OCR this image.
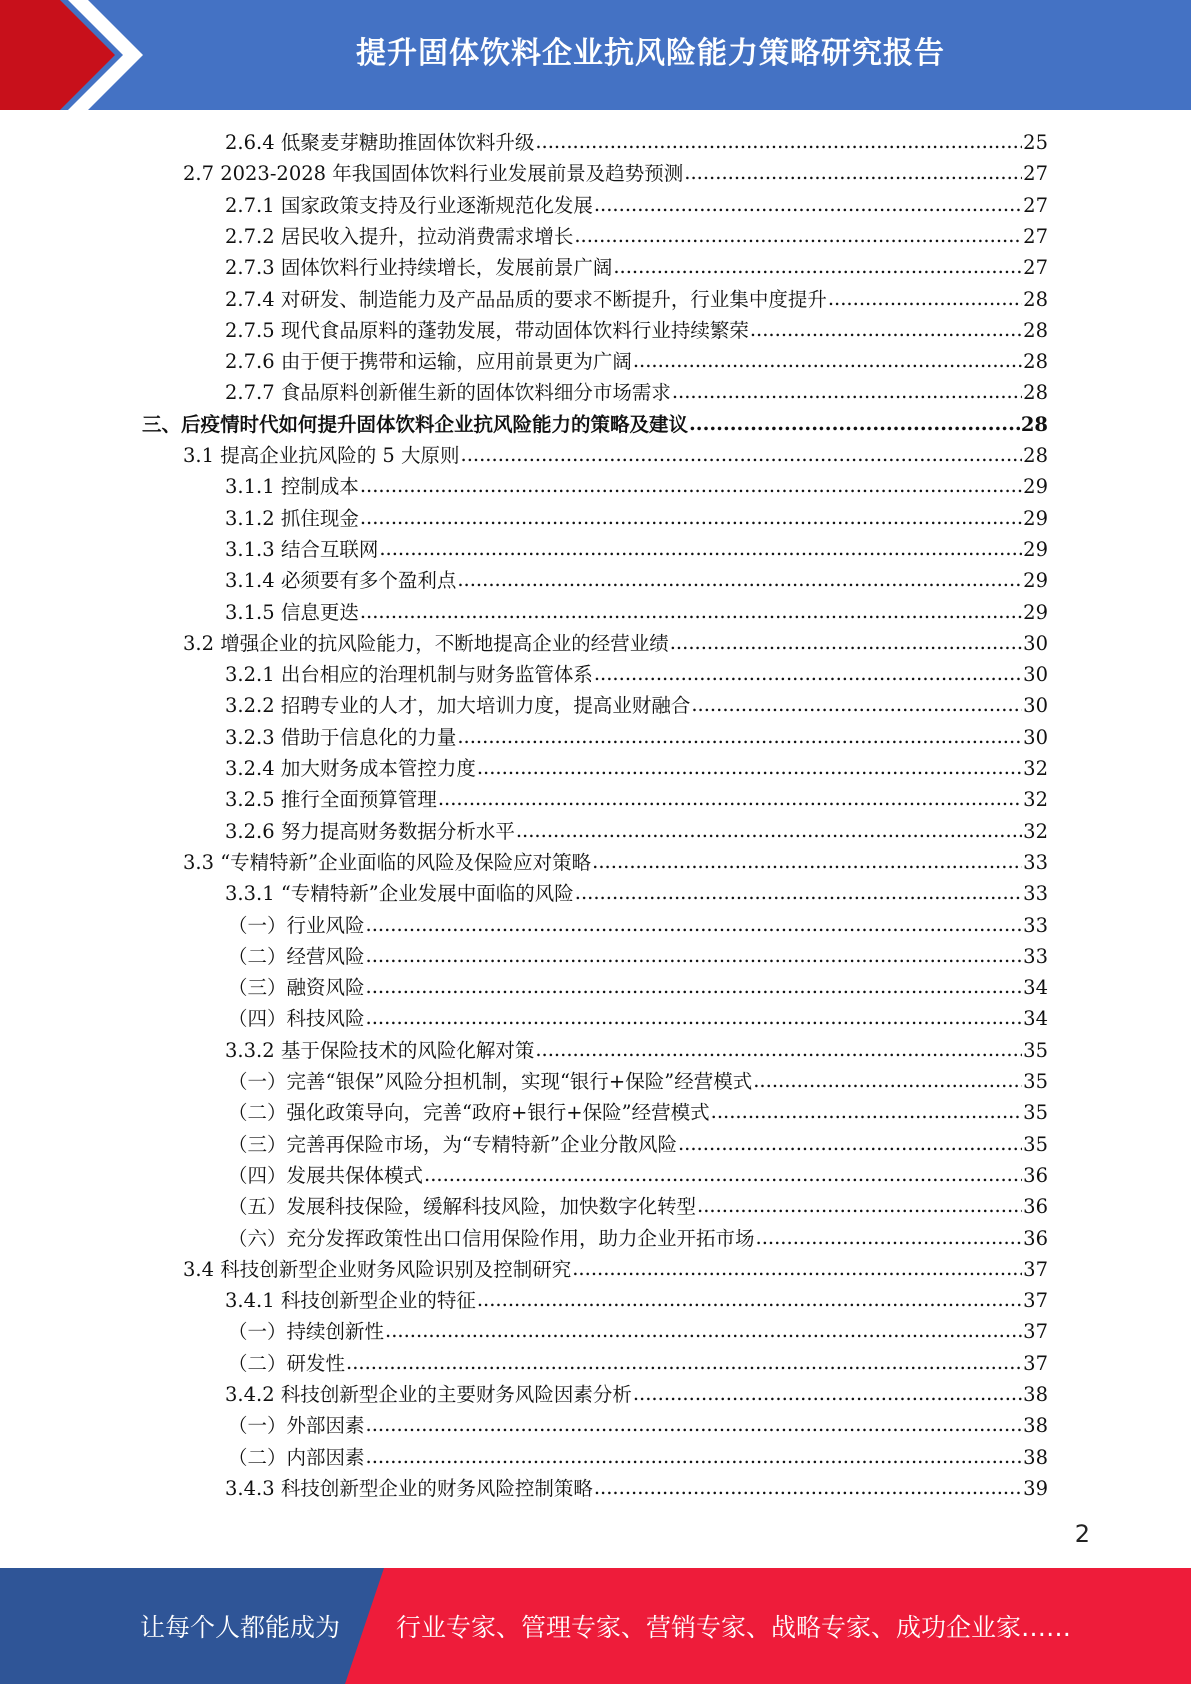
提升固体饮料企业抗风险能力策略研究报告
2.6.4 低聚麦芽糖助推固体饮料升级 .....	25
2.7 2023-2028 年我国固体饮料行业发展前景及趋势预测 .....	27
2.7.1 国家政策支持及行业逐渐规范化发展 .....	27
2.7.2 居民收入提升，拉动消费需求增长 .....	27
2.7.3 固体饮料行业持续增长，发展前景广阔 .....	27
2.7.4 对研发、制造能力及产品品质的要求不断提升，行业集中度提升 .....	28
2.7.5 现代食品原料的蓬勃发展，带动固体饮料行业持续繁荣 .....	28
2.7.6 由于便于携带和运输，应用前景更为广阔 .....	28
2.7.7 食品原料创新催生新的固体饮料细分市场需求 .....	28
三、后疫情时代如何提升固体饮料企业抗风险能力的策略及建议 .....	28
3.1 提高企业抗风险的 5 大原则 .....	28
3.1.1 控制成本 .....	29
3.1.2 抓住现金 .....	29
3.1.3 结合互联网 .....	29
3.1.4 必须要有多个盈利点 .....	29
3.1.5 信息更迭 .....	29
3.2 增强企业的抗风险能力，不断地提高企业的经营业绩 .....	30
3.2.1 出台相应的治理机制与财务监管体系 .....	30
3.2.2 招聘专业的人才，加大培训力度，提高业财融合 .....	30
3.2.3 借助于信息化的力量 .....	30
3.2.4 加大财务成本管控力度 .....	32
3.2.5 推行全面预算管理 .....	32
3.2.6 努力提高财务数据分析水平 .....	32
3.3 “专精特新”企业面临的风险及保险应对策略 .....	33
3.3.1 “专精特新”企业发展中面临的风险 .....	33
（一）行业风险 .....	33
（二）经营风险 .....	33
（三）融资风险 .....	34
（四）科技风险 .....	34
3.3.2 基于保险技术的风险化解对策 .....	35
（一）完善“银保”风险分担机制，实现“银行+保险”经营模式 .....	35
（二）强化政策导向，完善“政府+银行+保险”经营模式 .....	35
（三）完善再保险市场，为“专精特新”企业分散风险 .....	35
（四）发展共保体模式 .....	36
（五）发展科技保险，缓解科技风险，加快数字化转型 .....	36
（六）充分发挥政策性出口信用保险作用，助力企业开拓市场 .....	36
3.4 科技创新型企业财务风险识别及控制研究 .....	37
3.4.1 科技创新型企业的特征 .....	37
（一）持续创新性 .....	37
（二）研发性 .....	37
3.4.2 科技创新型企业的主要财务风险因素分析 .....	38
（一）外部因素 .....	38
（二）内部因素 .....	38
3.4.3 科技创新型企业的财务风险控制策略 .....	39
2
让每个人都能成为 行业专家、管理专家、营销专家、战略专家、成功企业家……
